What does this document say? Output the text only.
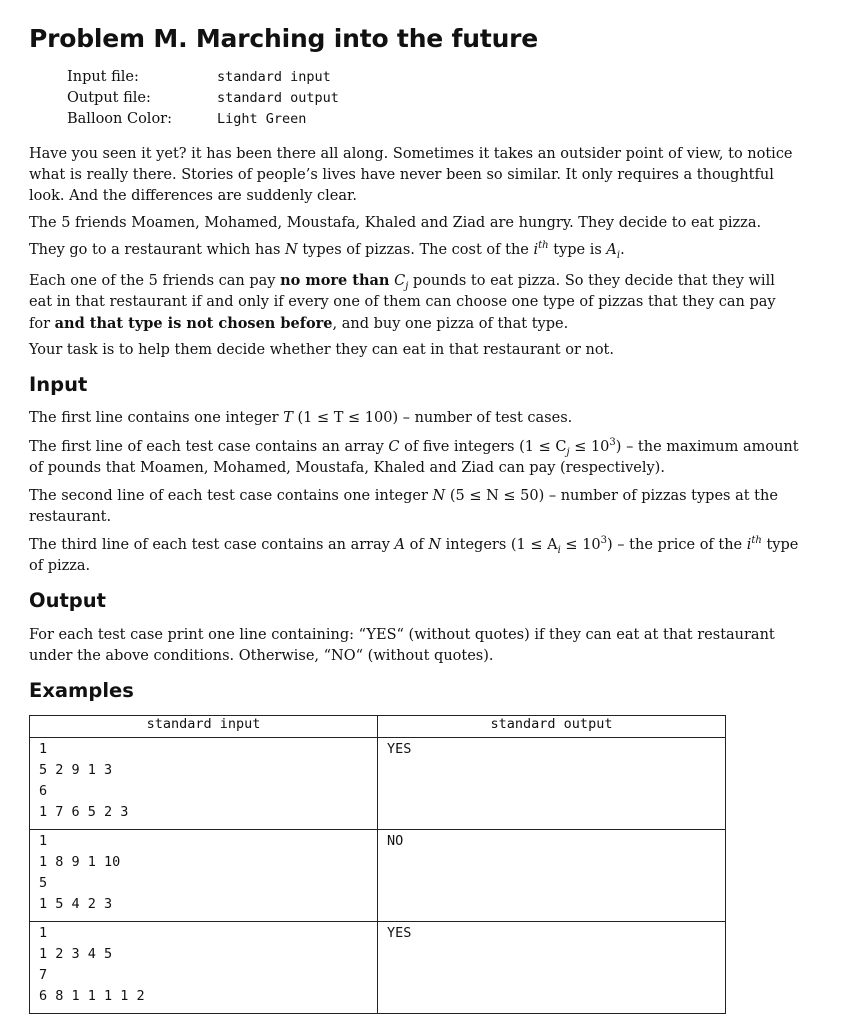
Problem M. Marching into the future
Input file:	standard input
Output file:	standard output
Balloon Color:	Light Green

Have you seen it yet? it has been there all along. Sometimes it takes an outsider point of view, to notice what is really there. Stories of people’s lives have never been so similar. It only requires a thoughtful look. And the differences are suddenly clear.

The 5 friends Moamen, Mohamed, Moustafa, Khaled and Ziad are hungry. They decide to eat pizza.

They go to a restaurant which has N types of pizzas. The cost of the $i^{th}$ type is $A_i$.

Each one of the 5 friends can pay no more than $C_j$ pounds to eat pizza. So they decide that they will eat in that restaurant if and only if every one of them can choose one type of pizzas that they can pay for and that type is not chosen before, and buy one pizza of that type.

Your task is to help them decide whether they can eat in that restaurant or not.

Input

The first line contains one integer T (1 ≤ T ≤ 100) – number of test cases.

The first line of each test case contains an array C of five integers $(1 \le C_j \le 10^3)$ – the maximum amount of pounds that Moamen, Mohamed, Moustafa, Khaled and Ziad can pay (respectively).

The second line of each test case contains one integer N (5 ≤ N ≤ 50) – number of pizzas types at the restaurant.

The third line of each test case contains an array A of N integers $(1 \le A_i \le 10^3)$ – the price of the $i^{th}$ type of pizza.

Output

For each test case print one line containing: “YES“ (without quotes) if they can eat at that restaurant under the above conditions. Otherwise, “NO“ (without quotes).

Examples
standard input	standard output

1
5 2 9 1 3
6
1 7 6 5 2 3	YES

1
1 8 9 1 10
5
1 5 4 2 3	NO

1
1 2 3 4 5
7
6 8 1 1 1 1 2	YES
